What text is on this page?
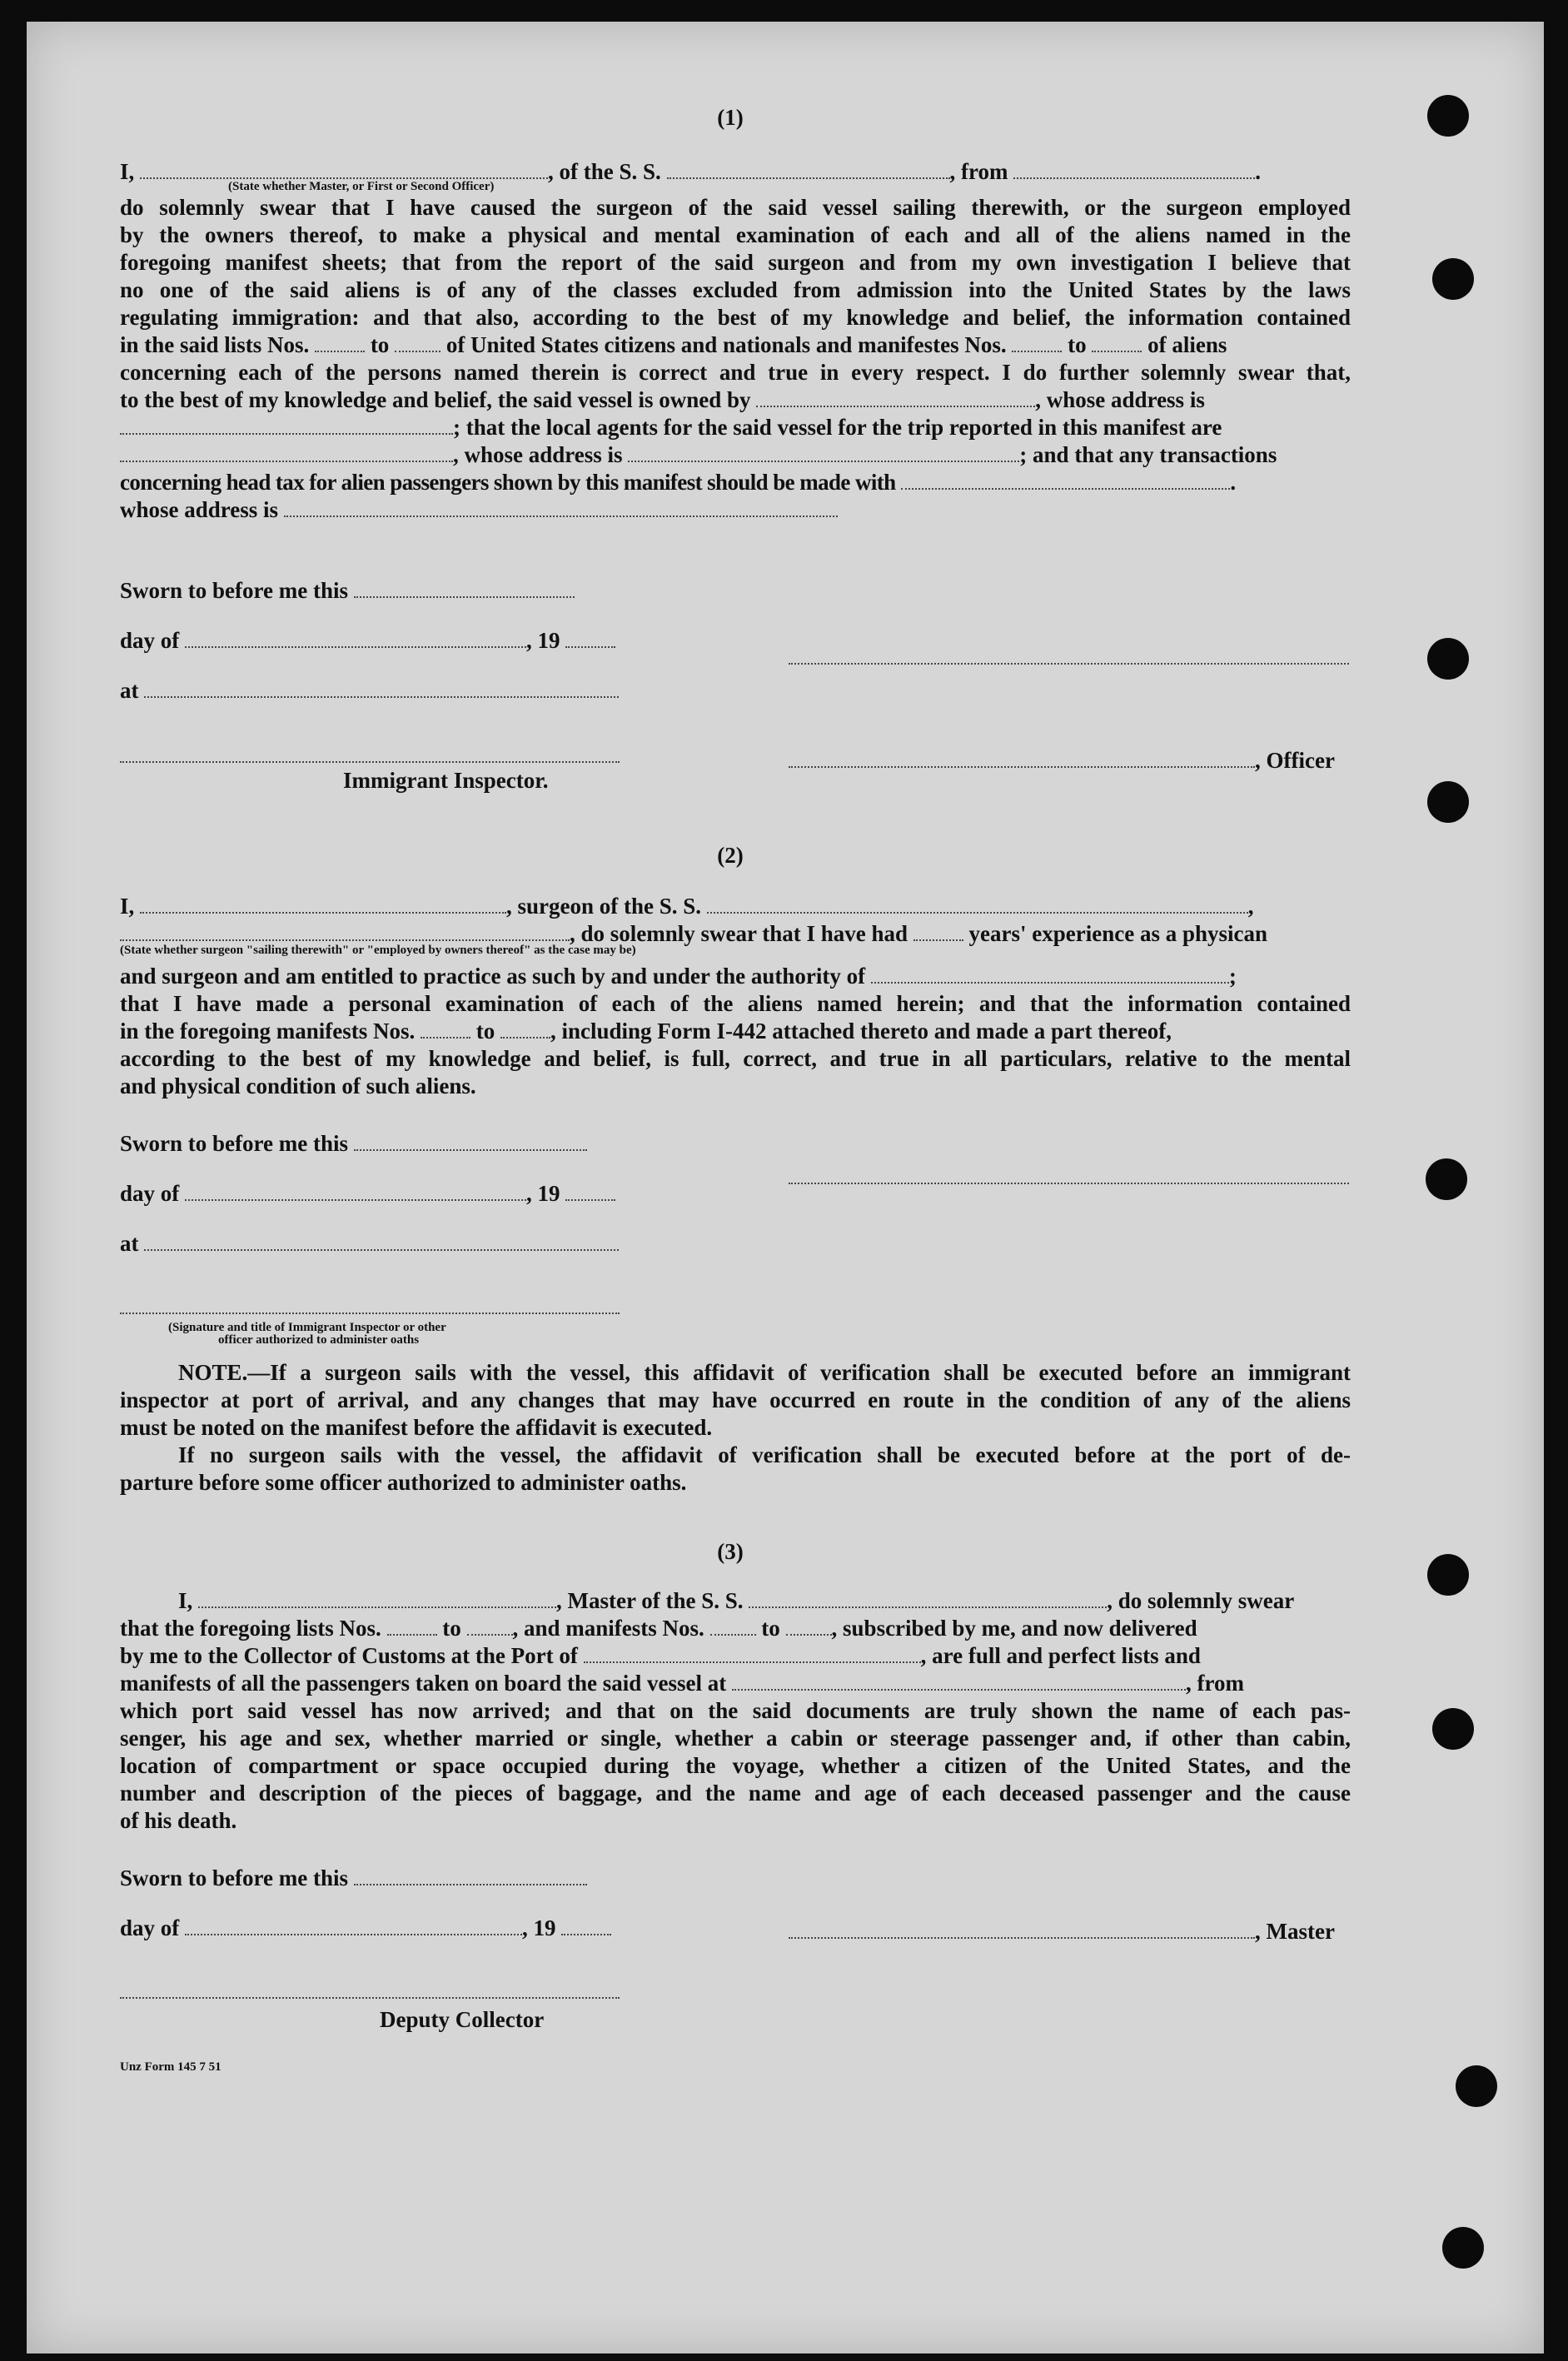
(1)
I,	, of the S. S.	, from	.
(State whether Master, or First or Second Officer)
do solemnly swear that I have caused the surgeon of the said vessel sailing therewith, or the surgeon employed
by the owners thereof, to make a physical and mental examination of each and all of the aliens named in the
foregoing manifest sheets; that from the report of the said surgeon and from my own investigation I believe that
no one of the said aliens is of any of the classes excluded from admission into the United States by the laws
regulating immigration: and that also, according to the best of my knowledge and belief, the information contained
in the said lists Nos.	to	of United States citizens and nationals and manifestes Nos.	to	of aliens
concerning each of the persons named therein is correct and true in every respect. I do further solemnly swear that,
to the best of my knowledge and belief, the said vessel is owned by	, whose address is
; that the local agents for the said vessel for the trip reported in this manifest are
, whose address is	; and that any transactions
concerning head tax for alien passengers shown by this manifest should be made with	.
whose address is
Sworn to before me this
day of	, 19
at
, Officer
Immigrant Inspector.
(2)
I,	, surgeon of the S. S.	,
, do solemnly swear that I have had	years' experience as a physican
(State whether surgeon "sailing therewith" or "employed by owners thereof" as the case may be)
and surgeon and am entitled to practice as such by and under the authority of	;
that I have made a personal examination of each of the aliens named herein; and that the information contained
in the foregoing manifests Nos.	to , including Form I-442 attached thereto and made a part thereof,
according to the best of my knowledge and belief, is full, correct, and true in all particulars, relative to the mental
and physical condition of such aliens.
Sworn to before me this
day of	, 19
at
(Signature and title of Immigrant Inspector or other
officer authorized to administer oaths
NOTE.—If a surgeon sails with the vessel, this affidavit of verification shall be executed before an immigrant
inspector at port of arrival, and any changes that may have occurred en route in the condition of any of the aliens
must be noted on the manifest before the affidavit is executed.
If no surgeon sails with the vessel, the affidavit of verification shall be executed before at the port of de-
parture before some officer authorized to administer oaths.
(3)
I,	, Master of the S. S.	, do solemnly swear
that the foregoing lists Nos.	to , and manifests Nos.	to , subscribed by me, and now delivered
by me to the Collector of Customs at the Port of	, are full and perfect lists and
manifests of all the passengers taken on board the said vessel at	, from
which port said vessel has now arrived; and that on the said documents are truly shown the name of each pas-
senger, his age and sex, whether married or single, whether a cabin or steerage passenger and, if other than cabin,
location of compartment or space occupied during the voyage, whether a citizen of the United States, and the
number and description of the pieces of baggage, and the name and age of each deceased passenger and the cause
of his death.
Sworn to before me this
day of	, 19	, Master
Deputy Collector
Unz Form 145 7 51
